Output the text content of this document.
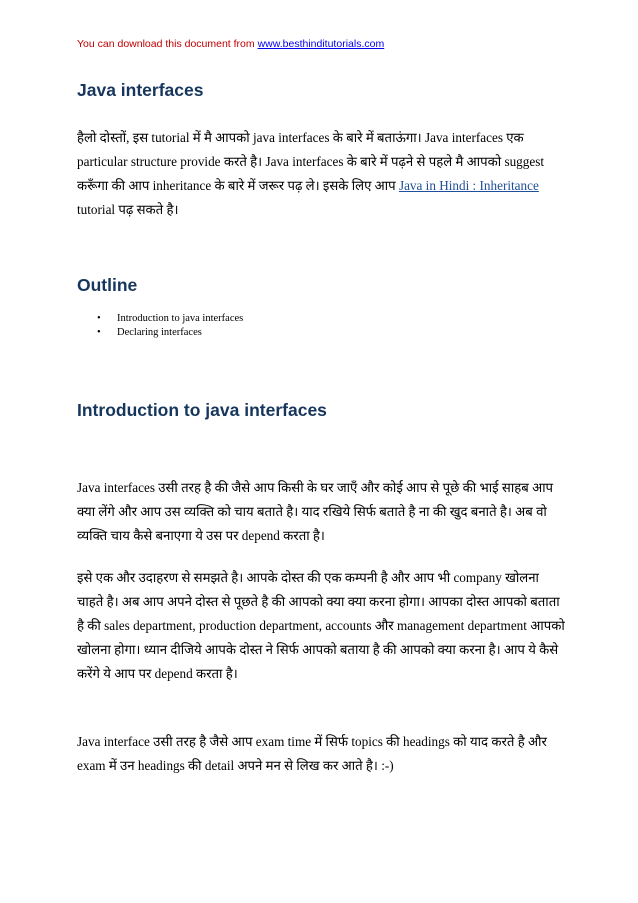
You can download this document from www.besthinditutorials.com
Java interfaces

हैलो दोस्तों, इस tutorial में मै आपको java interfaces के बारे में बताऊंगा। Java interfaces एक particular structure provide करते है। Java interfaces के बारे में पढ़ने से पहले मै आपको suggest करूँगा की आप inheritance के बारे में जरूर पढ़ ले। इसके लिए आप Java in Hindi : Inheritance tutorial पढ़ सकते है।

Outline
• Introduction to java interfaces
• Declaring interfaces
Introduction to java interfaces

Java interfaces उसी तरह है की जैसे आप किसी के घर जाएँ और कोई आप से पूछे की भाई साहब आप क्या लेंगे और आप उस व्यक्ति को चाय बताते है। याद रखिये सिर्फ बताते है ना की खुद बनाते है। अब वो व्यक्ति चाय कैसे बनाएगा ये उस पर depend करता है।

इसे एक और उदाहरण से समझते है। आपके दोस्त की एक कम्पनी है और आप भी company खोलना चाहते है। अब आप अपने दोस्त से पूछते है की आपको क्या क्या करना होगा। आपका दोस्त आपको बताता है की sales department, production department, accounts और management department आपको खोलना होगा। ध्यान दीजिये आपके दोस्त ने सिर्फ आपको बताया है की आपको क्या करना है। आप ये कैसे करेंगे ये आप पर depend करता है।

Java interface उसी तरह है जैसे आप exam time में सिर्फ topics की headings को याद करते है और exam में उन headings की detail अपने मन से लिख कर आते है। :-)
